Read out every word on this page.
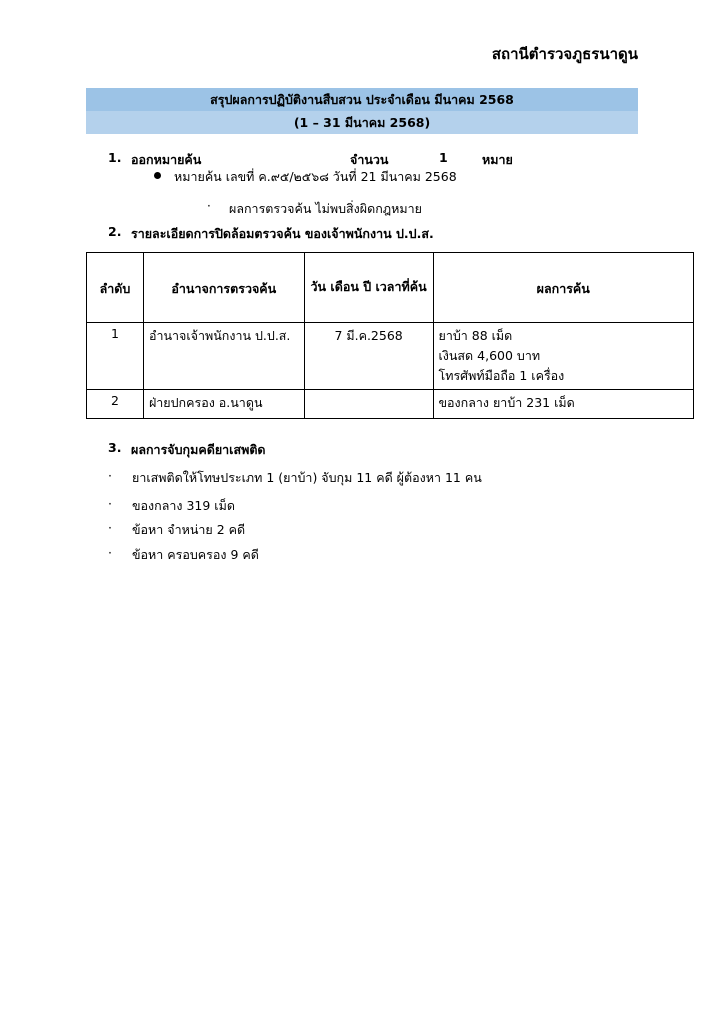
สถานีตำรวจภูธรนาดูน
สรุปผลการปฏิบัติงานสืบสวน ประจำเดือน มีนาคม 2568
(1 – 31 มีนาคม 2568)
1. ออกหมายค้น	จำนวน	1	หมาย
หมายค้น เลขที่ ค.๙๕/๒๕๖๘ วันที่ 21 มีนาคม 2568
· ผลการตรวจค้น ไม่พบสิ่งผิดกฎหมาย
2. รายละเอียดการปิดล้อมตรวจค้น ของเจ้าพนักงาน ป.ป.ส.
ลำดับ	อำนาจการตรวจค้น	วัน เดือน ปี เวลาที่ค้น	ผลการค้น
1	อำนาจเจ้าพนักงาน ป.ป.ส.	7 มี.ค.2568	ยาบ้า 88 เม็ด
เงินสด 4,600 บาท
โทรศัพท์มือถือ 1 เครื่อง

2	ฝ่ายปกครอง อ.นาดูน		ของกลาง ยาบ้า 231 เม็ด
3. ผลการจับกุมคดียาเสพติด
· ยาเสพติดให้โทษประเภท 1 (ยาบ้า) จับกุม 11 คดี ผู้ต้องหา 11 คน
· ของกลาง 319 เม็ด
· ข้อหา จำหน่าย 2 คดี
· ข้อหา ครอบครอง 9 คดี
